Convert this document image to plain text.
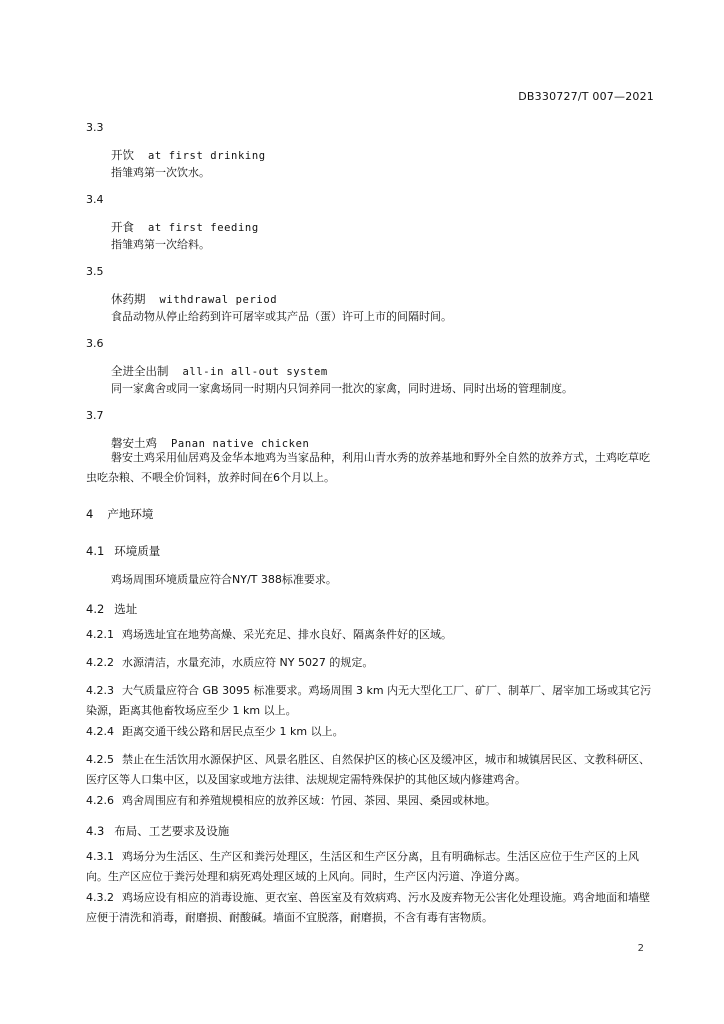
DB330727/T 007—2021
3.3
开饮 at first drinking
指雏鸡第一次饮水。
3.4
开食 at first feeding
指雏鸡第一次给料。
3.5
休药期 withdrawal period
食品动物从停止给药到许可屠宰或其产品（蛋）许可上市的间隔时间。
3.6
全进全出制 all-in all-out system
同一家禽舍或同一家禽场同一时期内只饲养同一批次的家禽，同时进场、同时出场的管理制度。
3.7
磐安土鸡 Panan native chicken
磐安土鸡采用仙居鸡及金华本地鸡为当家品种，利用山青水秀的放养基地和野外全自然的放养方式，土鸡吃草吃虫吃杂粮、不喂全价饲料，放养时间在6个月以上。
4 产地环境
4.1 环境质量
鸡场周围环境质量应符合NY/T 388标准要求。
4.2 选址
4.2.1 鸡场选址宜在地势高燥、采光充足、排水良好、隔离条件好的区域。
4.2.2 水源清洁，水量充沛，水质应符 NY 5027 的规定。
4.2.3 大气质量应符合 GB 3095 标准要求。鸡场周围 3 km 内无大型化工厂、矿厂、制革厂、屠宰加工场或其它污染源，距离其他畜牧场应至少 1 km 以上。
4.2.4 距离交通干线公路和居民点至少 1 km 以上。
4.2.5 禁止在生活饮用水源保护区、风景名胜区、自然保护区的核心区及缓冲区，城市和城镇居民区、文教科研区、医疗区等人口集中区，以及国家或地方法律、法规规定需特殊保护的其他区域内修建鸡舍。
4.2.6 鸡舍周围应有和养殖规模相应的放养区域：竹园、茶园、果园、桑园或林地。
4.3 布局、工艺要求及设施
4.3.1 鸡场分为生活区、生产区和粪污处理区，生活区和生产区分离，且有明确标志。生活区应位于生产区的上风向。生产区应位于粪污处理和病死鸡处理区域的上风向。同时，生产区内污道、净道分离。
4.3.2 鸡场应设有相应的消毒设施、更衣室、兽医室及有效病鸡、污水及废弃物无公害化处理设施。鸡舍地面和墙壁应便于清洗和消毒，耐磨损、耐酸碱。墙面不宜脱落，耐磨损，不含有毒有害物质。
2
